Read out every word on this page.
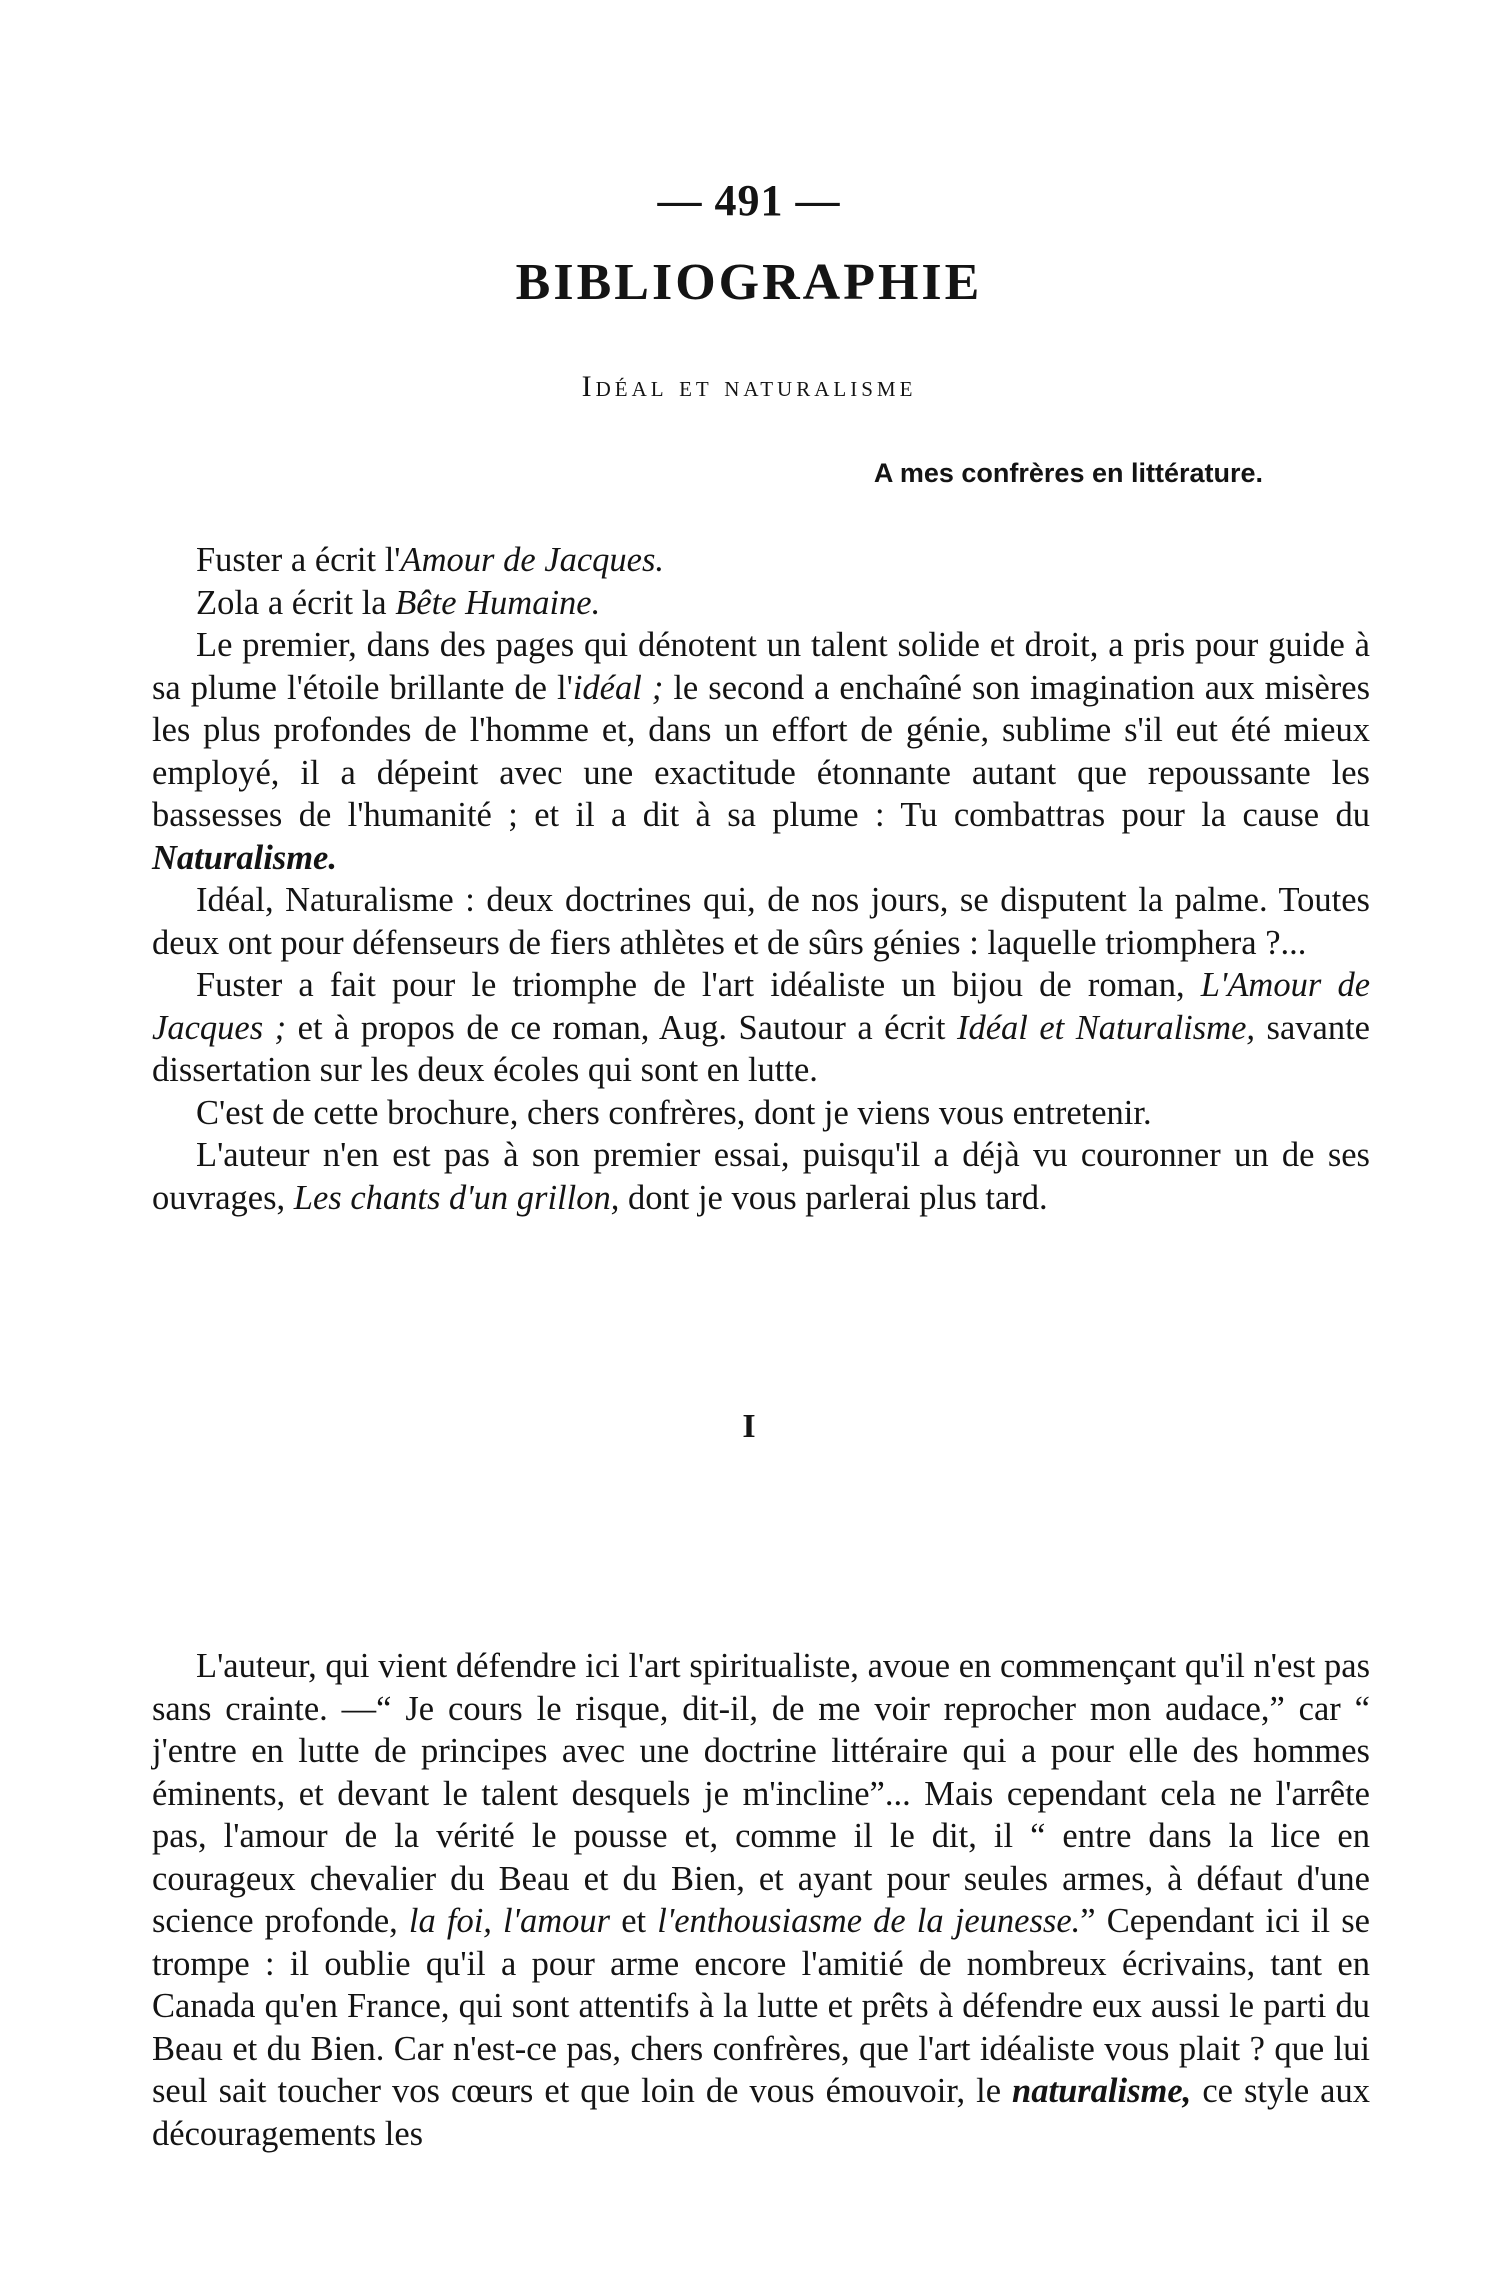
— 491 —
BIBLIOGRAPHIE
Idéal et naturalisme
A mes confrères en littérature.

Fuster a écrit l'Amour de Jacques.

Zola a écrit la Bête Humaine.

Le premier, dans des pages qui dénotent un talent solide et droit, a pris pour guide à sa plume l'étoile brillante de l'idéal ; le second a enchaîné son imagination aux misères les plus profondes de l'homme et, dans un effort de génie, sublime s'il eut été mieux employé, il a dépeint avec une exactitude étonnante autant que repoussante les bassesses de l'humanité ; et il a dit à sa plume : Tu combattras pour la cause du Naturalisme.

Idéal, Naturalisme : deux doctrines qui, de nos jours, se disputent la palme. Toutes deux ont pour défenseurs de fiers athlètes et de sûrs génies : laquelle triomphera ?...

Fuster a fait pour le triomphe de l'art idéaliste un bijou de roman, L'Amour de Jacques ; et à propos de ce roman, Aug. Sautour a écrit Idéal et Naturalisme, savante dissertation sur les deux écoles qui sont en lutte.

C'est de cette brochure, chers confrères, dont je viens vous entretenir.

L'auteur n'en est pas à son premier essai, puisqu'il a déjà vu couronner un de ses ouvrages, Les chants d'un grillon, dont je vous parlerai plus tard.

I

L'auteur, qui vient défendre ici l'art spiritualiste, avoue en commençant qu'il n'est pas sans crainte. —“ Je cours le risque, dit-il, de me voir reprocher mon audace,” car “ j'entre en lutte de principes avec une doctrine littéraire qui a pour elle des hommes éminents, et devant le talent desquels je m'incline”... Mais cependant cela ne l'arrête pas, l'amour de la vérité le pousse et, comme il le dit, il “ entre dans la lice en courageux chevalier du Beau et du Bien, et ayant pour seules armes, à défaut d'une science profonde, la foi, l'amour et l'enthousiasme de la jeunesse.” Cependant ici il se trompe : il oublie qu'il a pour arme encore l'amitié de nombreux écrivains, tant en Canada qu'en France, qui sont attentifs à la lutte et prêts à défendre eux aussi le parti du Beau et du Bien. Car n'est-ce pas, chers confrères, que l'art idéaliste vous plait ? que lui seul sait toucher vos cœurs et que loin de vous émouvoir, le naturalisme, ce style aux découragements les
